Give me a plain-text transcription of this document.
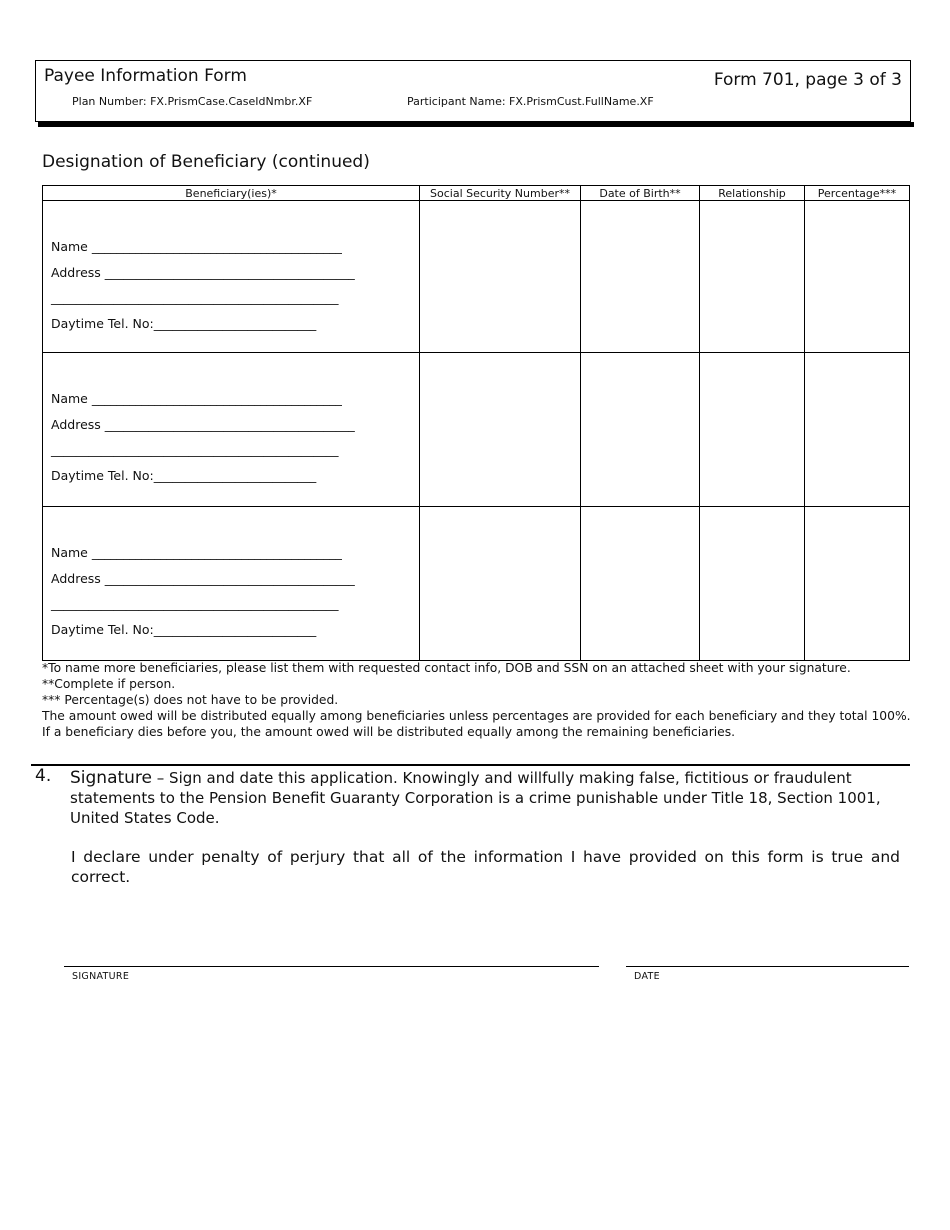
Payee Information Form	Form 701, page 3 of 3
Plan Number: FX.PrismCase.CaseIdNmbr.XF	Participant Name: FX.PrismCust.FullName.XF
Designation of Beneficiary (continued)
Beneficiary(ies)*	Social Security Number**	Date of Birth**	Relationship	Percentage***

Name ________________________________________
Address ________________________________________
______________________________________________
Daytime Tel. No:__________________________				

Name ________________________________________
Address ________________________________________
______________________________________________
Daytime Tel. No:__________________________				

Name ________________________________________
Address ________________________________________
______________________________________________
Daytime Tel. No:__________________________				

*To name more beneficiaries, please list them with requested contact info, DOB and SSN on an attached sheet with your signature.
**Complete if person.
*** Percentage(s) does not have to be provided.
The amount owed will be distributed equally among beneficiaries unless percentages are provided for each beneficiary and they total 100%.
If a beneficiary dies before you, the amount owed will be distributed equally among the remaining beneficiaries.
4. Signature – Sign and date this application. Knowingly and willfully making false, fictitious or fraudulent statements to the Pension Benefit Guaranty Corporation is a crime punishable under Title 18, Section 1001, United States Code.
I declare under penalty of perjury that all of the information I have provided on this form is true and correct.
SIGNATURE	DATE
